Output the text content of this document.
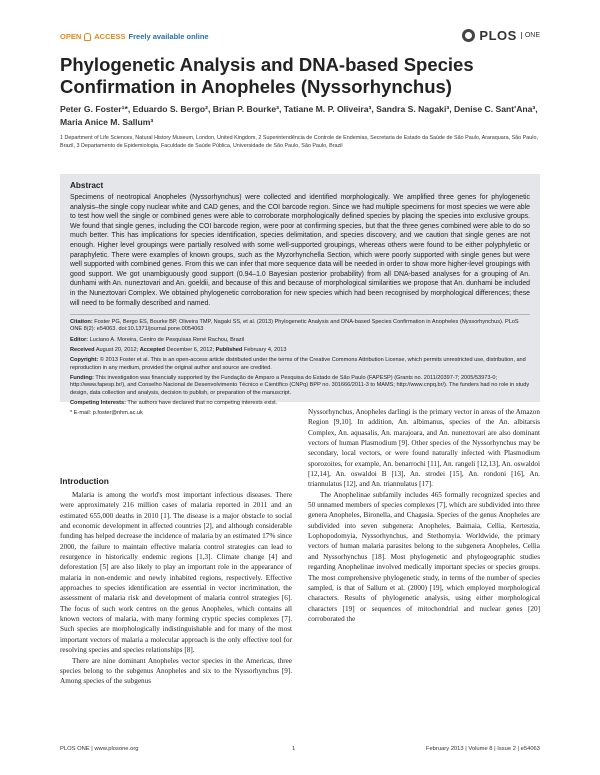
OPEN ACCESS Freely available online	PLOS	ONE
Phylogenetic Analysis and DNA-based Species Confirmation in Anopheles (Nyssorhynchus)
Peter G. Foster¹*, Eduardo S. Bergo², Brian P. Bourke³, Tatiane M. P. Oliveira³, Sandra S. Nagaki³, Denise C. Sant'Ana³, Maria Anice M. Sallum³
1 Department of Life Sciences, Natural History Museum, London, United Kingdom, 2 Superintendência de Controle de Endemias, Secretaria de Estado da Saúde de São Paulo, Araraquara, São Paulo, Brazil, 3 Departamento de Epidemiologia, Faculdade de Saúde Pública, Universidade de São Paulo, São Paulo, Brazil
Abstract
Specimens of neotropical Anopheles (Nyssorhynchus) were collected and identified morphologically. We amplified three genes for phylogenetic analysis–the single copy nuclear white and CAD genes, and the COI barcode region. Since we had multiple specimens for most species we were able to test how well the single or combined genes were able to corroborate morphologically defined species by placing the species into exclusive groups. We found that single genes, including the COI barcode region, were poor at confirming species, but that the three genes combined were able to do so much better. This has implications for species identification, species delimitation, and species discovery, and we caution that single genes are not enough. Higher level groupings were partially resolved with some well-supported groupings, whereas others were found to be either polyphyletic or paraphyletic. There were examples of known groups, such as the Myzorhynchella Section, which were poorly supported with single genes but were well supported with combined genes. From this we can infer that more sequence data will be needed in order to show more higher-level groupings with good support. We got unambiguously good support (0.94–1.0 Bayesian posterior probability) from all DNA-based analyses for a grouping of An. dunhami with An. nuneztovari and An. goeldii, and because of this and because of morphological similarities we propose that An. dunhami be included in the Nuneztovari Complex. We obtained phylogenetic corroboration for new species which had been recognised by morphological differences; these will need to be formally described and named.
Citation: Foster PG, Bergo ES, Bourke BP, Oliveira TMP, Nagaki SS, et al. (2013) Phylogenetic Analysis and DNA-based Species Confirmation in Anopheles (Nyssorhynchus). PLoS ONE 8(2): e54063. doi:10.1371/journal.pone.0054063
Editor: Luciano A. Moreira, Centro de Pesquisas René Rachou, Brazil
Received August 20, 2012; Accepted December 6, 2012; Published February 4, 2013
Copyright: © 2013 Foster et al. This is an open-access article distributed under the terms of the Creative Commons Attribution License, which permits unrestricted use, distribution, and reproduction in any medium, provided the original author and source are credited.
Funding: This investigation was financially supported by the Fundação de Amparo a Pesquisa do Estado de São Paulo (FAPESP) (Grants no. 2011/20397-7; 2005/53973-0; http://www.fapesp.br/), and Conselho Nacional de Desenvolvimento Técnico e Científico (CNPq) BPP no. 301666/2011-3 to MAMS; http://www.cnpq.br/). The funders had no role in study design, data collection and analysis, decision to publish, or preparation of the manuscript.
Competing Interests: The authors have declared that no competing interests exist.
* E-mail: p.foster@nhm.ac.uk
Introduction

Malaria is among the world's most important infectious diseases. There were approximately 216 million cases of malaria reported in 2011 and an estimated 655,000 deaths in 2010 [1]. The disease is a major obstacle to social and economic development in affected countries [2], and although considerable funding has helped decrease the incidence of malaria by an estimated 17% since 2000, the failure to maintain effective malaria control strategies can lead to resurgence in historically endemic regions [1,3]. Climate change [4] and deforestation [5] are also likely to play an important role in the appearance of malaria in non-endemic and newly inhabited regions, respectively. Effective approaches to species identification are essential in vector incrimination, the assessment of malaria risk and development of malaria control strategies [6]. The focus of such work centres on the genus Anopheles, which contains all known vectors of malaria, with many forming cryptic species complexes [7]. Such species are morphologically indistinguishable and for many of the most important vectors of malaria a molecular approach is the only effective tool for resolving species and species relationships [8].

There are nine dominant Anopheles vector species in the Americas, three species belong to the subgenus Anopheles and six to the Nyssorhynchus [9]. Among species of the subgenus

Nyssorhynchus, Anopheles darlingi is the primary vector in areas of the Amazon Region [9,10]. In addition, An. albimanus, species of the An. albitarsis Complex, An. aquasalis, An. marajoara, and An. nuneztovari are also dominant vectors of human Plasmodium [9]. Other species of the Nyssorhynchus may be secondary, local vectors, or were found naturally infected with Plasmodium sporozoites, for example, An. benarrochi [11], An. rangeli [12,13], An. oswaldoi [12,14], An. oswaldoi B [13], An. strodei [15], An. rondoni [16], An. triannulatus [12], and An. triannulatus [17].

The Anophelinae subfamily includes 465 formally recognized species and 50 unnamed members of species complexes [7], which are subdivided into three genera Anopheles, Bironella, and Chagasia. Species of the genus Anopheles are subdivided into seven subgenera: Anopheles, Baimaia, Cellia, Kerteszia, Lophopodomyia, Nyssorhynchus, and Stethomyia. Worldwide, the primary vectors of human malaria parasites belong to the subgenera Anopheles, Cellia and Nyssorhynchus [18]. Most phylogenetic and phylogeographic studies regarding Anophelinae involved medically important species or species groups. The most comprehensive phylogenetic study, in terms of the number of species sampled, is that of Sallum et al. (2000) [19], which employed morphological characters. Results of phylogenetic analysis, using either morphological characters [19] or sequences of mitochondrial and nuclear genes [20] corroborated the

PLOS ONE | www.plosone.org	1	February 2013 | Volume 8 | Issue 2 | e54063
